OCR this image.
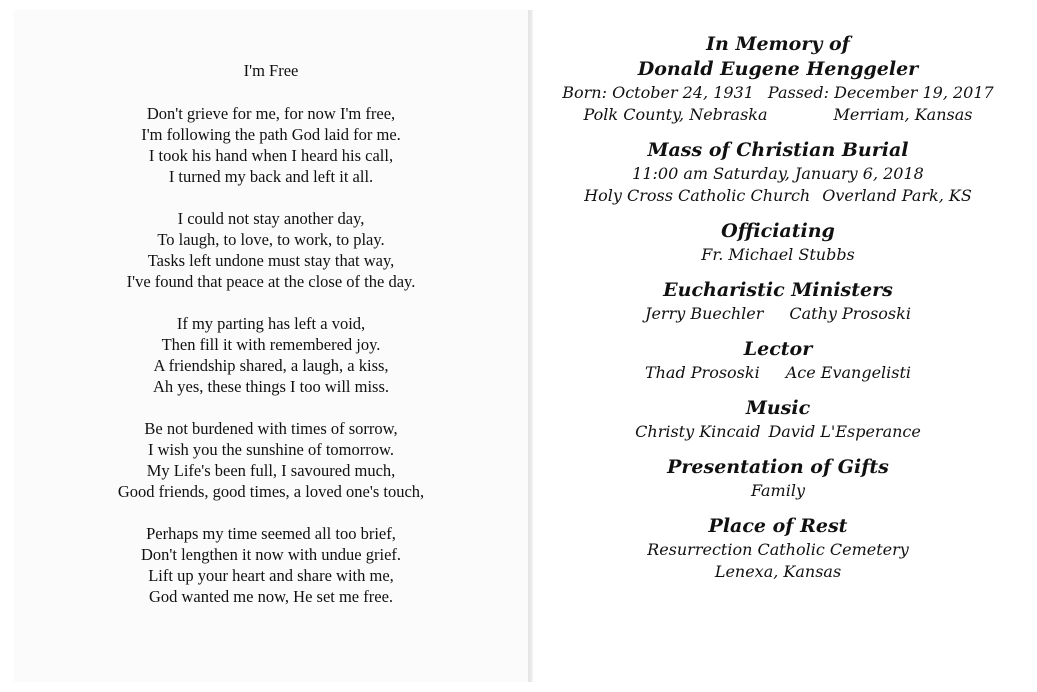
I'm Free
Don't grieve for me, for now I'm free,
I'm following the path God laid for me.
I took his hand when I heard his call,
I turned my back and left it all.
I could not stay another day,
To laugh, to love, to work, to play.
Tasks left undone must stay that way,
I've found that peace at the close of the day.
If my parting has left a void,
Then fill it with remembered joy.
A friendship shared, a laugh, a kiss,
Ah yes, these things I too will miss.
Be not burdened with times of sorrow,
I wish you the sunshine of tomorrow.
My Life's been full, I savoured much,
Good friends, good times, a loved one's touch,
Perhaps my time seemed all too brief,
Don't lengthen it now with undue grief.
Lift up your heart and share with me,
God wanted me now, He set me free.
In Memory of
Donald Eugene Henggeler
Born: October 24, 1931 Passed: December 19, 2017
Polk County, Nebraska	Merriam, Kansas
Mass of Christian Burial
11:00 am Saturday, January 6, 2018
Holy Cross Catholic Church Overland Park, KS
Officiating
Fr. Michael Stubbs
Eucharistic Ministers
Jerry Buechler Cathy Prososki
Lector
Thad Prososki Ace Evangelisti
Music
Christy Kincaid David L'Esperance
Presentation of Gifts
Family
Place of Rest
Resurrection Catholic Cemetery
Lenexa, Kansas
